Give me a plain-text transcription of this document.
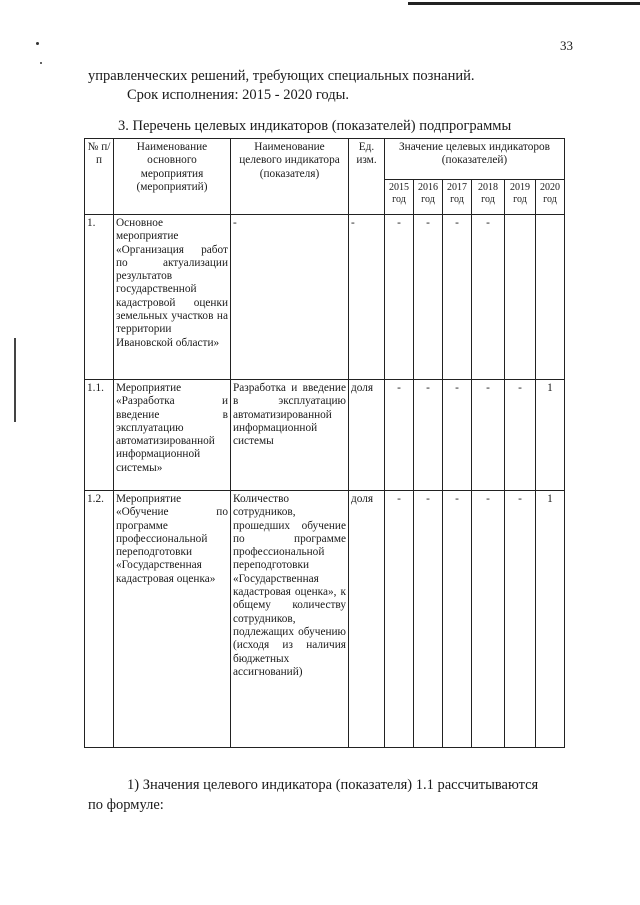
33
управленческих решений, требующих специальных познаний.
Срок исполнения: 2015 - 2020 годы.
3. Перечень целевых индикаторов (показателей) подпрограммы
№ п/п	Наименование основного мероприятия (мероприятий)	Наименование целевого индикатора (показателя)	Ед. изм.	Значение целевых индикаторов (показателей)					
				2015 год	2016 год	2017 год	2018 год	2019 год	2020 год
1.	Основное мероприятие «Организация работ по актуализации результатов государственной кадастровой оценки земельных участков на территории Ивановской области»	-	-	-	-	-	-		
1.1.	Мероприятие «Разработка и введение в эксплуатацию автоматизированной информационной системы»	Разработка и введение в эксплуатацию автоматизированной информационной системы	доля	-	-	-	-	-	1
1.2.	Мероприятие «Обучение по программе профессиональной переподготовки «Государственная кадастровая оценка»	Количество сотрудников, прошедших обучение по программе профессиональной переподготовки «Государственная кадастровая оценка», к общему количеству сотрудников, подлежащих обучению (исходя из наличия бюджетных ассигнований)	доля	-	-	-	-	-	1
1) Значения целевого индикатора (показателя) 1.1 рассчитываются
по формуле:
